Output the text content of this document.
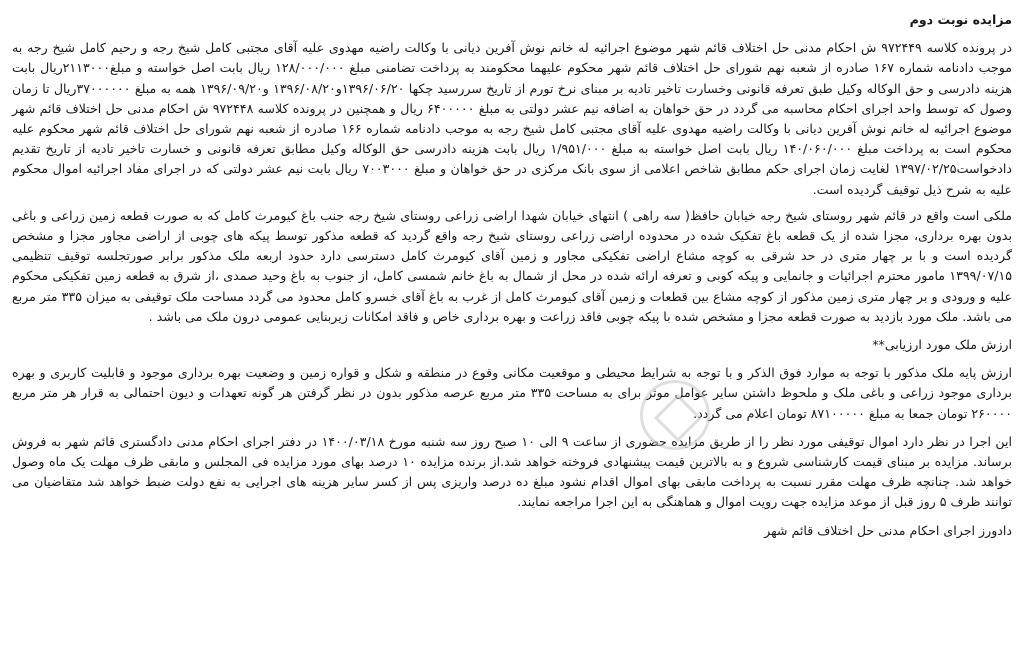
مزایده نوبت دوم

در پرونده کلاسه ۹۷۲۴۴۹ ش احکام مدنی حل اختلاف قائم شهر موضوع اجرائیه له خانم نوش آفرین دیانی با وکالت راضیه مهدوی علیه آقای مجتبی کامل شیخ رجه و رحیم کامل شیخ رجه به موجب دادنامه شماره ۱۶۷ صادره از شعبه نهم شورای حل اختلاف قائم شهر محکوم علیهما محکومند به پرداخت تضامنی مبلغ ۱۲۸/۰۰۰/۰۰۰ ریال بابت اصل خواسته و مبلغ۲۱۱۳۰۰۰ریال بابت هزینه دادرسی و حق الوکاله وکیل طبق تعرفه قانونی وخسارت تاخیر تادیه بر مبنای نرخ تورم از تاریخ سررسید چکها ۱۳۹۶/۰۶/۲۰و۱۳۹۶/۰۸/۲۰ و۱۳۹۶/۰۹/۲۰ همه به مبلغ ۳۷۰۰۰۰۰۰ریال تا زمان وصول که توسط واحد اجرای احکام محاسبه می گردد در حق خواهان به اضافه نیم عشر دولتی به مبلغ ۶۴۰۰۰۰۰ ریال و همچنین در پرونده کلاسه ۹۷۲۴۴۸ ش احکام مدنی حل اختلاف قائم شهر موضوع اجرائیه له خانم نوش آفرین دیانی با وکالت راضیه مهدوی علیه آقای مجتبی کامل شیخ رجه به موجب دادنامه شماره ۱۶۶ صادره از شعبه نهم شورای حل اختلاف قائم شهر محکوم علیه محکوم است به پرداخت مبلغ ۱۴۰/۰۶۰/۰۰۰ ریال بابت اصل خواسته به مبلغ ۱/۹۵۱/۰۰۰ ریال بابت هزینه دادرسی حق الوکاله وکیل مطابق تعرفه قانونی و خسارت تاخیر تادیه از تاریخ تقدیم دادخواست۱۳۹۷/۰۲/۲۵ لغایت زمان اجرای حکم مطابق شاخص اعلامی از سوی بانک مرکزی در حق خواهان و مبلغ ۷۰۰۳۰۰۰ ریال بابت نیم عشر دولتی که در اجرای مفاد اجرائیه اموال محکوم علیه به شرح ذیل توقیف گردیده است.

ملکی است واقع در قائم شهر روستای شیخ رجه خیابان حافظ( سه راهی ) انتهای خیابان شهدا اراضی زراعی روستای شیخ رجه جنب باغ کیومرث کامل که به صورت قطعه زمین زراعی و باغی بدون بهره برداری، مجزا شده از یک قطعه باغ تفکیک شده در محدوده اراضی زراعی روستای شیخ رجه واقع گردید که قطعه مذکور توسط پیکه های چوبی از اراضی مجاور مجزا و مشخص گردیده است و با بر چهار متری در حد شرقی به کوچه مشاع اراضی تفکیکی مجاور و زمین آقای کیومرث کامل دسترسی دارد حدود اربعه ملک مذکور برابر صورتجلسه توقیف تنظیمی ۱۳۹۹/۰۷/۱۵ مامور محترم اجرائیات و جانمایی و پیکه کوبی و تعرفه ارائه شده در محل از شمال به باغ خانم شمسی کامل، از جنوب به باغ وحید صمدی ،از شرق به قطعه زمین تفکیکی محکوم علیه و ورودی و بر چهار متری زمین مذکور از کوچه مشاع بین قطعات و زمین آقای کیومرث کامل از غرب به باغ آقای خسرو کامل محدود می گردد مساحت ملک توقیفی به میزان ۳۳۵ متر مربع می باشد. ملک مورد بازدید به صورت قطعه مجزا و مشخص شده با پیکه چوبی فاقد زراعت و بهره برداری خاص و فاقد امکانات زیربنایی عمومی درون ملک می باشد .

ارزش ملک مورد ارزیابی**

ارزش پایه ملک مذکور با توجه به موارد فوق الذکر و با توجه به شرایط محیطی و موقعیت مکانی وقوع در منطقه و شکل و قواره زمین و وضعیت بهره برداری موجود و قابلیت کاربری و بهره برداری موجود زراعی و باغی ملک و ملحوظ داشتن سایر عوامل موثر برای به مساحت ۳۳۵ متر مربع عرصه مذکور بدون در نظر گرفتن هر گونه تعهدات و دیون احتمالی به قرار هر متر مربع ۲۶۰۰۰۰ تومان جمعا به مبلغ ۸۷۱۰۰۰۰۰ تومان اعلام می گردد.

این اجرا در نظر دارد اموال توقیفی مورد نظر را از طریق مزایده حضوری از ساعت ۹ الی ۱۰ صبح روز سه شنبه مورخ ۱۴۰۰/۰۳/۱۸ در دفتر اجرای احکام مدنی دادگستری قائم شهر به فروش برساند. مزایده بر مبنای قیمت کارشناسی شروع و به بالاترین قیمت پیشنهادی فروخته خواهد شد.از برنده مزایده ۱۰ درصد بهای مورد مزایده فی المجلس و مابقی ظرف مهلت یک ماه وصول خواهد شد. چنانچه ظرف مهلت مقرر نسبت به پرداخت مابقی بهای اموال اقدام نشود مبلغ ده درصد واریزی پس از کسر سایر هزینه های اجرایی به نفع دولت ضبط خواهد شد متقاضیان می توانند ظرف ۵ روز قبل از موعد مزایده جهت رویت اموال و هماهنگی به این اجرا مراجعه نمایند.

دادورز اجرای احکام مدنی حل اختلاف قائم شهر
